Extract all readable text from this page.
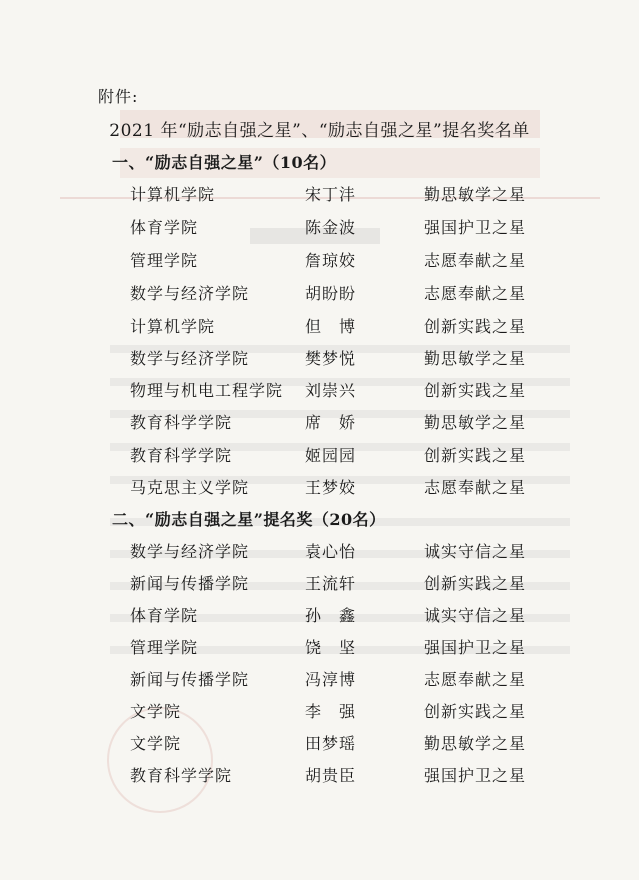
附件:
2021 年“励志自强之星”、“励志自强之星”提名奖名单
一、“励志自强之星”（10名）
计算机学院	宋丁沣	勤思敏学之星
体育学院	陈金波	强国护卫之星
管理学院	詹琼姣	志愿奉献之星
数学与经济学院	胡盼盼	志愿奉献之星
计算机学院	但　博	创新实践之星
数学与经济学院	樊梦悦	勤思敏学之星
物理与机电工程学院 刘崇兴	创新实践之星
教育科学学院	席　娇	勤思敏学之星
教育科学学院	姬园园	创新实践之星
马克思主义学院	王梦姣	志愿奉献之星
二、“励志自强之星”提名奖（20名）
数学与经济学院	袁心怡	诚实守信之星
新闻与传播学院	王流轩	创新实践之星
体育学院	孙　鑫	诚实守信之星
管理学院	饶　坚	强国护卫之星
新闻与传播学院	冯淳博	志愿奉献之星
文学院	李　强	创新实践之星
文学院	田梦瑶	勤思敏学之星
教育科学学院	胡贵臣	强国护卫之星
